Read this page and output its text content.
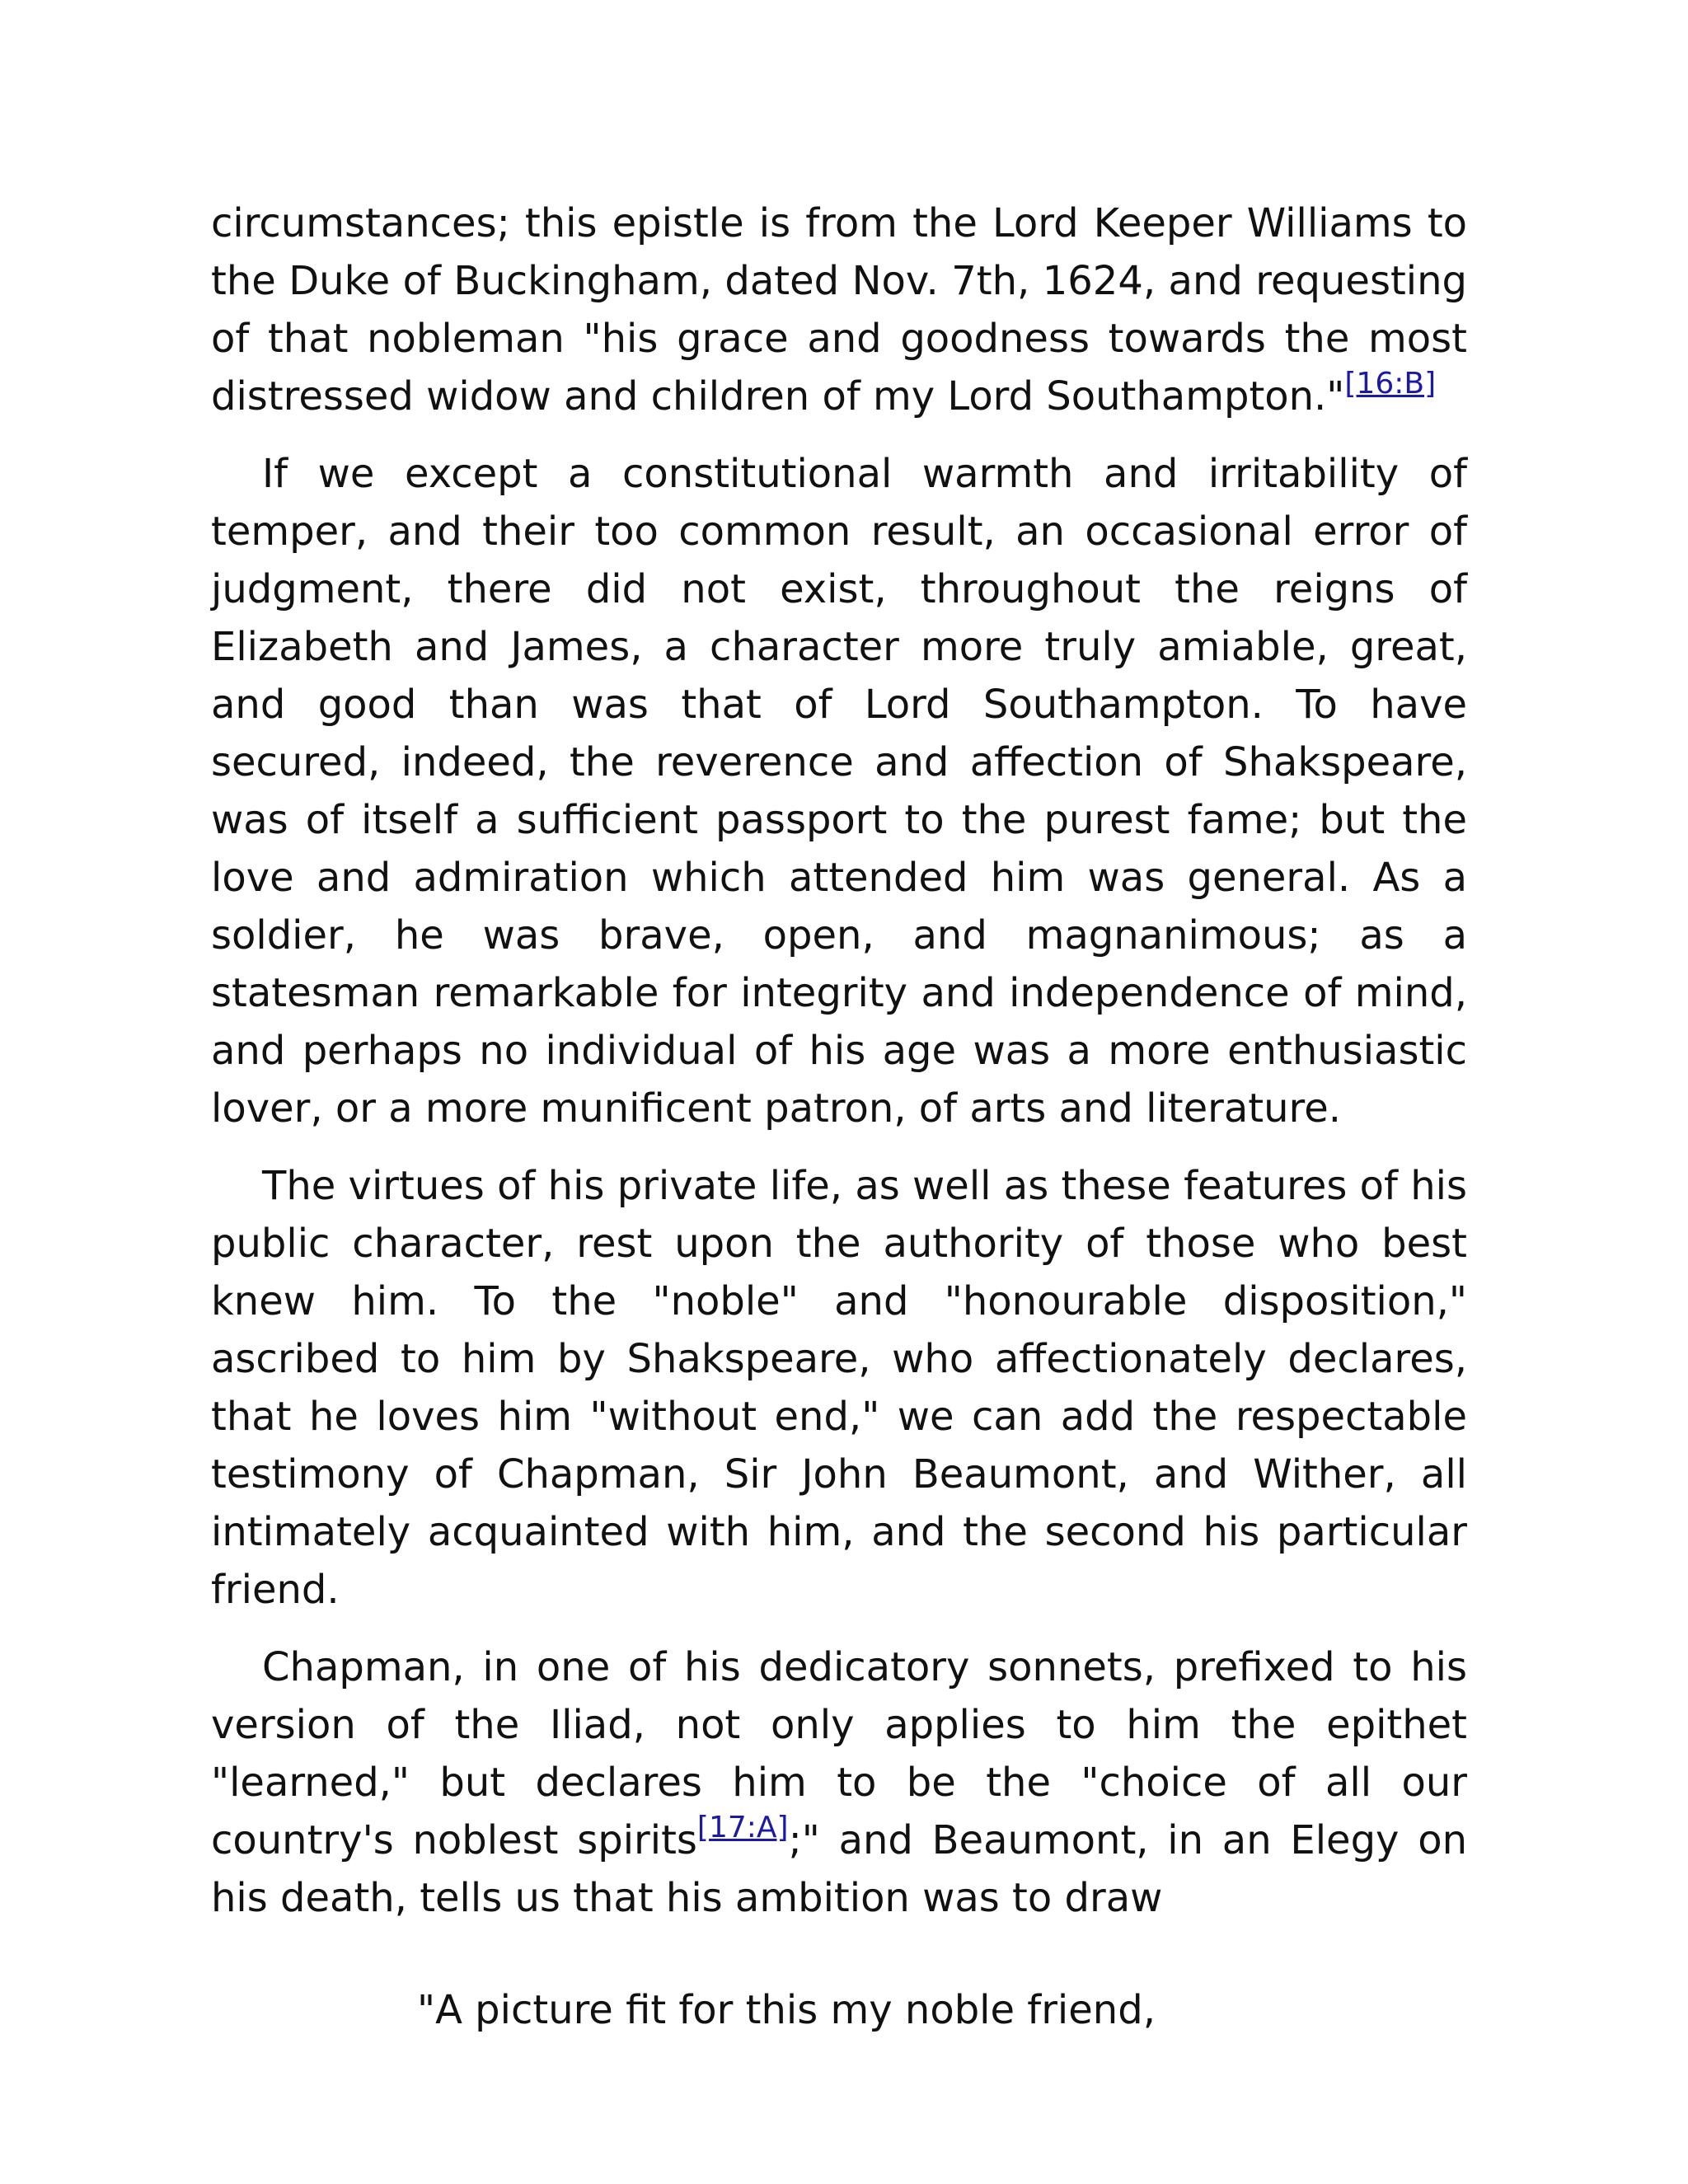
circumstances; this epistle is from the Lord Keeper Williams to the Duke of Buckingham, dated Nov. 7th, 1624, and requesting of that nobleman "his grace and goodness towards the most distressed widow and children of my Lord Southampton."[16:B]

If we except a constitutional warmth and irritability of temper, and their too common result, an occasional error of judgment, there did not exist, throughout the reigns of Elizabeth and James, a character more truly amiable, great, and good than was that of Lord Southampton. To have secured, indeed, the reverence and affection of Shakspeare, was of itself a sufficient passport to the purest fame; but the love and admiration which attended him was general. As a soldier, he was brave, open, and magnanimous; as a statesman remarkable for integrity and independence of mind, and perhaps no individual of his age was a more enthusiastic lover, or a more munificent patron, of arts and literature.

The virtues of his private life, as well as these features of his public character, rest upon the authority of those who best knew him. To the "noble" and "honourable disposition," ascribed to him by Shakspeare, who affectionately declares, that he loves him "without end," we can add the respectable testimony of Chapman, Sir John Beaumont, and Wither, all intimately acquainted with him, and the second his particular friend.

Chapman, in one of his dedicatory sonnets, prefixed to his version of the Iliad, not only applies to him the epithet "learned," but declares him to be the "choice of all our country's noblest spirits[17:A];" and Beaumont, in an Elegy on his death, tells us that his ambition was to draw

"A picture fit for this my noble friend,
